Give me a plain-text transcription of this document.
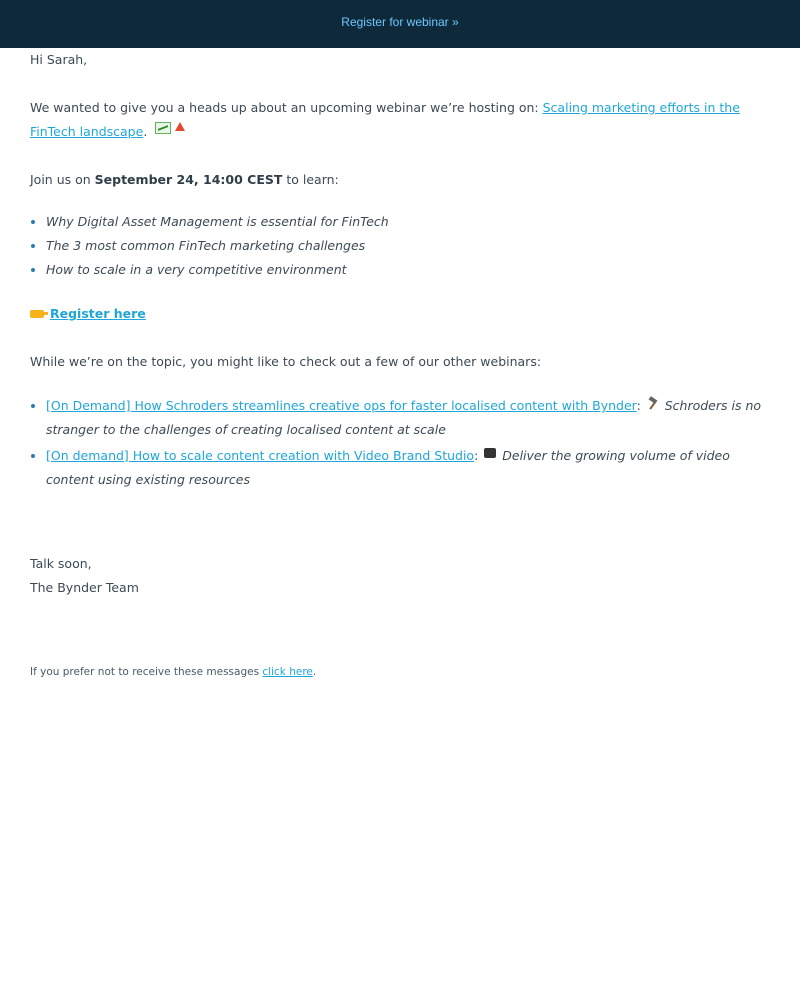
Register for webinar »

Hi Sarah,

We wanted to give you a heads up about an upcoming webinar we’re hosting on: Scaling marketing efforts in the FinTech landscape.

Join us on September 24, 14:00 CEST to learn:

• Why Digital Asset Management is essential for FinTech
• The 3 most common FinTech marketing challenges
• How to scale in a very competitive environment
Register here

While we’re on the topic, you might like to check out a few of our other webinars:

• [On Demand] How Schroders streamlines creative ops for faster localised content with Bynder:  Schroders is no stranger to the challenges of creating localised content at scale
• [On demand] How to scale content creation with Video Brand Studio:  Deliver the growing volume of video content using existing resources
Talk soon,
The Bynder Team
If you prefer not to receive these messages click here.
